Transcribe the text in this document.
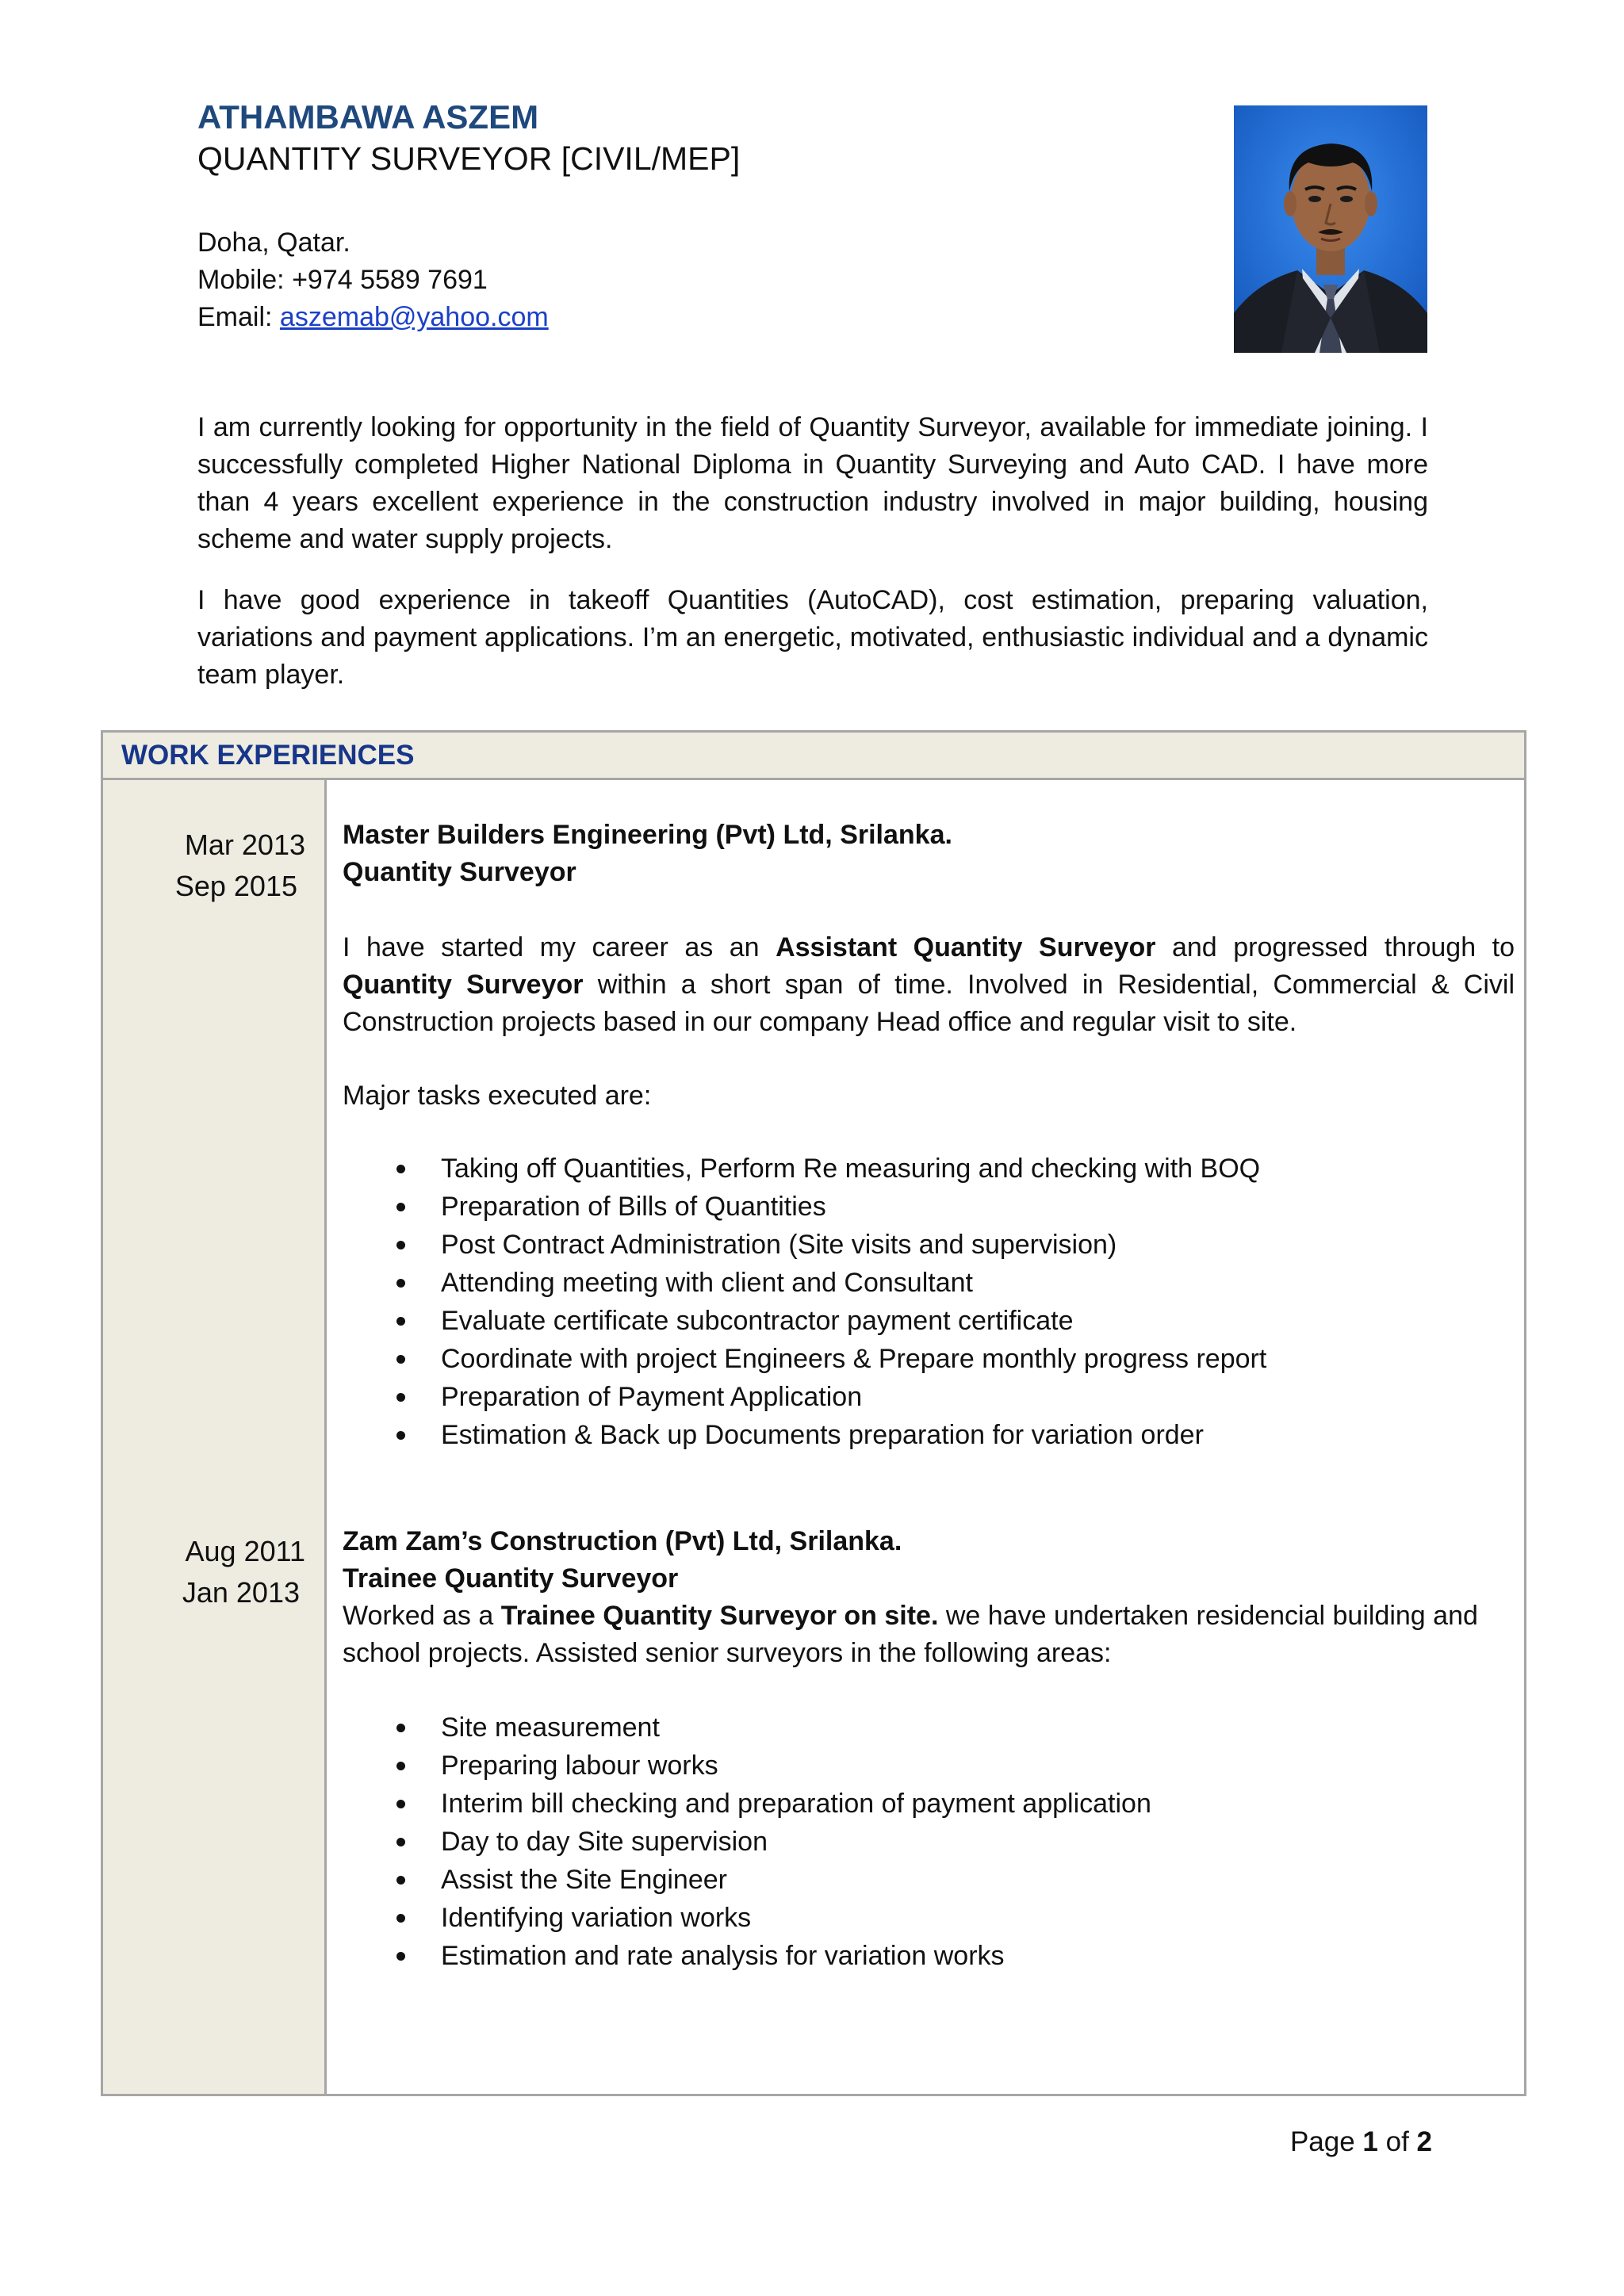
ATHAMBAWA ASZEM

QUANTITY SURVEYOR [CIVIL/MEP]

Doha, Qatar.
Mobile: +974 5589 7691
Email: aszemab@yahoo.com

I am currently looking for opportunity in the field of Quantity Surveyor, available for immediate joining. I successfully completed Higher National Diploma in Quantity Surveying and Auto CAD. I have more than 4 years excellent experience in the construction industry involved in major building, housing scheme and water supply projects.

I have good experience in takeoff Quantities (AutoCAD), cost estimation, preparing valuation, variations and payment applications. I’m an energetic, motivated, enthusiastic individual and a dynamic team player.

WORK EXPERIENCES
Mar 2013
Sep 2015
Aug 2011
Jan 2013
Master Builders Engineering (Pvt) Ltd, Srilanka.
Quantity Surveyor

I have started my career as an Assistant Quantity Surveyor and progressed through to Quantity Surveyor within a short span of time. Involved in Residential, Commercial & Civil Construction projects based in our company Head office and regular visit to site.

Major tasks executed are:

Taking off Quantities, Perform Re measuring and checking with BOQ
Preparation of Bills of Quantities
Post Contract Administration (Site visits and supervision)
Attending meeting with client and Consultant
Evaluate certificate subcontractor payment certificate
Coordinate with project Engineers & Prepare monthly progress report
Preparation of Payment Application
Estimation & Back up Documents preparation for variation order
Zam Zam’s Construction (Pvt) Ltd, Srilanka.
Trainee Quantity Surveyor

Worked as a Trainee Quantity Surveyor on site. we have undertaken residencial building and school projects. Assisted senior surveyors in the following areas:

Site measurement
Preparing labour works
Interim bill checking and preparation of payment application
Day to day Site supervision
Assist the Site Engineer
Identifying variation works
Estimation and rate analysis for variation works
Page 1 of 2
